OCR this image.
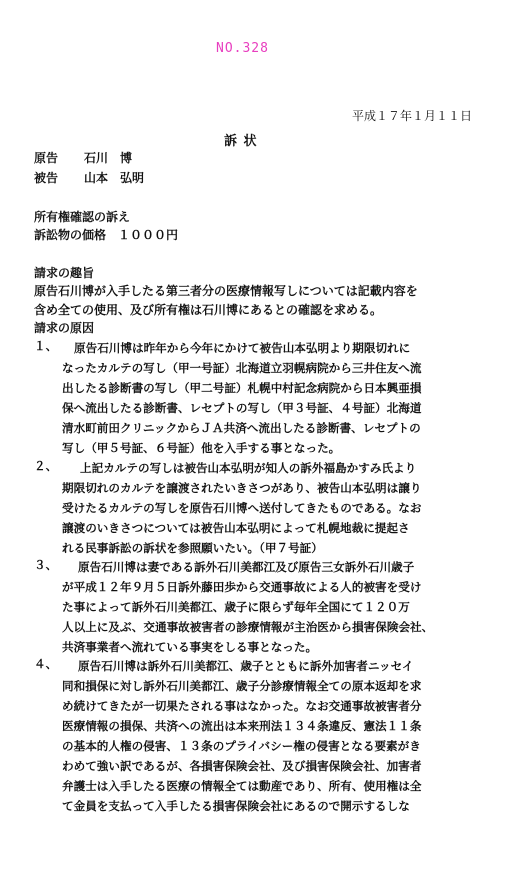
NO.328
平成１７年１月１１日
訴 状
原告 石川　博
被告 山本　弘明
所有権確認の訴え
訴訟物の価格　１０００円
請求の趣旨
原告石川博が入手したる第三者分の医療情報写しについては記載内容を
含め全ての使用、及び所有権は石川博にあるとの確認を求める。
請求の原因
１、	原告石川博は昨年から今年にかけて被告山本弘明より期限切れに
なったカルテの写し（甲一号証）北海道立羽幌病院から三井住友へ流
出したる診断書の写し（甲二号証）札幌中村記念病院から日本興亜損
保へ流出したる診断書、レセプトの写し（甲３号証、４号証）北海道
清水町前田クリニックからＪＡ共済へ流出したる診断書、レセプトの
写し（甲５号証、６号証）他を入手する事となった。
２、	上記カルテの写しは被告山本弘明が知人の訴外福島かすみ氏より
期限切れのカルテを譲渡されたいきさつがあり、被告山本弘明は譲り
受けたるカルテの写しを原告石川博へ送付してきたものである。なお
譲渡のいきさつについては被告山本弘明によって札幌地裁に提起さ
れる民事訴訟の訴状を参照願いたい。（甲７号証）
３、	原告石川博は妻である訴外石川美都江及び原告三女訴外石川歳子
が平成１２年９月５日訴外藤田歩から交通事故による人的被害を受け
た事によって訴外石川美都江、歳子に限らず毎年全国にて１２０万
人以上に及ぶ、交通事故被害者の診療情報が主治医から損害保険会社、
共済事業者へ流れている事実をしる事となった。
４、	原告石川博は訴外石川美都江、歳子とともに訴外加害者ニッセイ
同和損保に対し訴外石川美都江、歳子分診療情報全ての原本返却を求
め続けてきたが一切果たされる事はなかった。なお交通事故被害者分
医療情報の損保、共済への流出は本来刑法１３４条違反、憲法１１条
の基本的人権の侵害、１３条のプライバシー権の侵害となる要素がき
わめて強い訳であるが、各損害保険会社、及び損害保険会社、加害者
弁護士は入手したる医療の情報全ては動産であり、所有、使用権は全
て金員を支払って入手したる損害保険会社にあるので開示するしな
